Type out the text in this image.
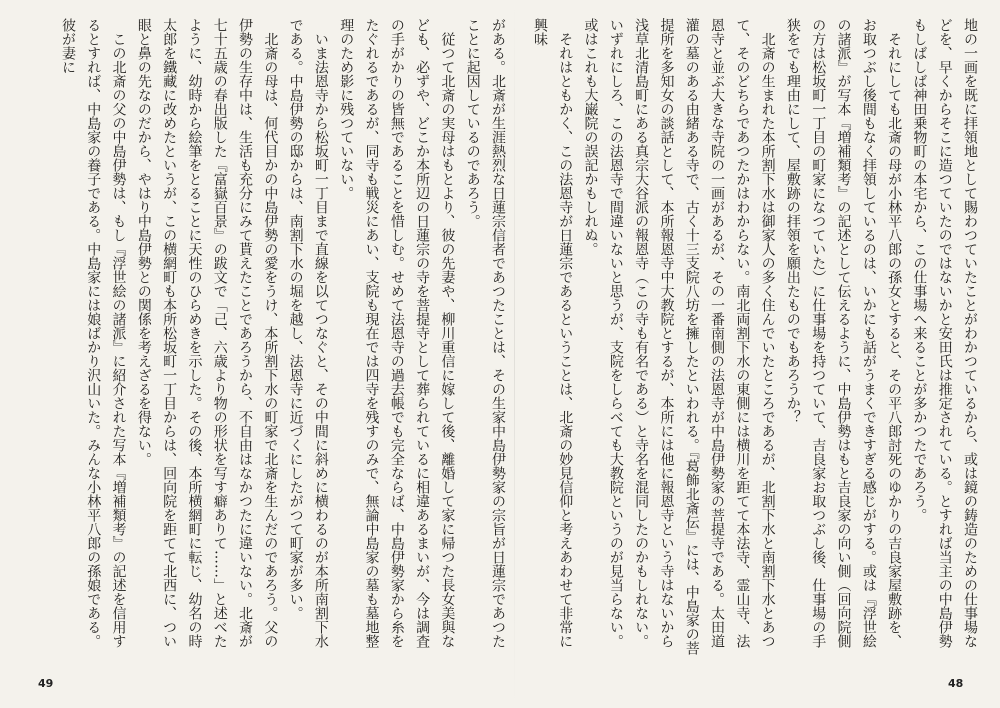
地の一画を既に拝領地として賜わつていたことがわかつているから、或は鏡の鋳造のための仕事場などを、早くからそこに造つていたのではないかと安田氏は推定されている。とすれば当主の中島伊勢もしばしば神田乗物町の本宅から、この仕事場へ来ることが多かつたであろう。

それにしても北斎の母が小林平八郎の孫女とすると、その平八郎討死のゆかりの吉良家屋敷跡を、お取つぶし後間もなく拝領しているのは、いかにも話がうまくできすぎる感じがする。或は『浮世絵の諸派』が写本『増補類考』の記述として伝えるように、中島伊勢はもと吉良家の向い側（回向院側の方は松坂町一丁目の町家になつていた）に仕事場を持つていて、吉良家お取つぶし後、仕事場の手狭をでも理由にして、屋敷跡の拝領を願出たものでもあろうか？

北斎の生まれた本所割下水は御家人の多く住んでいたところであるが、北割下水と南割下水とあつて、そのどちらであつたかはわからない。南北両割下水の東側には横川を距てて本法寺、霊山寺、法恩寺と並ぶ大きな寺院の一画があるが、その一番南側の法恩寺が中島伊勢家の菩提寺である。太田道灌の墓のある由緒ある寺で、古く十三支院八坊を擁したといわれる。『葛飾北斎伝』には、中島家の菩提所を多知女の談話として、本所報恩寺中大教院とするが、本所には他に報恩寺という寺はないから浅草北清島町にある真宗大谷派の報恩寺（この寺も有名である）と寺名を混同したのかもしれない。いずれにしろ、この法恩寺で間違いないと思うが、支院をしらべても大教院というのが見当らない。或はこれも大巌院の誤記かもしれぬ。

それはともかく、この法恩寺が日蓮宗であるということは、北斎の妙見信仰と考えあわせて非常に興味

がある。北斎が生涯熱烈な日蓮宗信者であつたことは、その生家中島伊勢家の宗旨が日蓮宗であつたことに起因しているのであろう。

従つて北斎の実母はもとより、彼の先妻や、柳川重信に嫁して後、離婚して家に帰つた長女美與なども、必ずや、どこか本所辺の日蓮宗の寺を菩提寺として葬られているに相違あるまいが、今は調査の手がかりの皆無であることを惜しむ。せめて法恩寺の過去帳でも完全ならば、中島伊勢家から糸をたぐれるであるが、同寺も戦災にあい、支院も現在では四寺を残すのみで、無論中島家の墓も墓地整理のため影に残つていない。

いま法恩寺から松坂町一丁目まで直線を以てつなぐと、その中間に斜めに横わるのが本所南割下水である。中島伊勢の邸からは、南割下水の堀を越し、法恩寺に近づくにしたがつて町家が多い。

北斎の母は、何代目かの中島伊勢の愛をうけ、本所割下水の町家で北斎を生んだのであろう。父の伊勢の生存中は、生活も充分にみて貰えたことであろうから、不自由はなかつたに違いない。北斎が七十五歳の春出版した『富嶽百景』の跋文で「己、六歳より物の形状を写す癖ありて……」と述べたように、幼時から絵筆をとることに天性のひらめきを示した。その後、本所横網町に転じ、幼名の時太郎を鐵藏に改めたというが、この横網町も本所松坂町一丁目からは、回向院を距てて北西に、つい眼と鼻の先なのだから、やはり中島伊勢との関係を考えざるを得ない。

この北斎の父の中島伊勢は、もし『浮世絵の諸派』に紹介された写本『増補類考』の記述を信用するとすれば、中島家の養子である。中島家には娘ばかり沢山いた。みんな小林平八郎の孫娘である。彼が妻に

49	48
